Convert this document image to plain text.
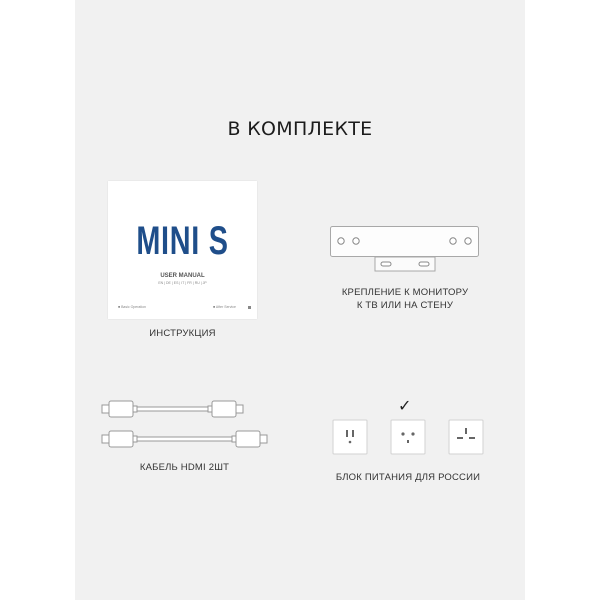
В КОМПЛЕКТЕ
MINI S
USER MANUAL
EN | DE | ES | IT | FR | RU | JP
■ Basic Operation	■ After Service
ИНСТРУКЦИЯ
КРЕПЛЕНИЕ К МОНИТОРУ
К ТВ ИЛИ НА СТЕНУ
КАБЕЛЬ HDMI 2ШТ
✓
БЛОК ПИТАНИЯ ДЛЯ РОССИИ
